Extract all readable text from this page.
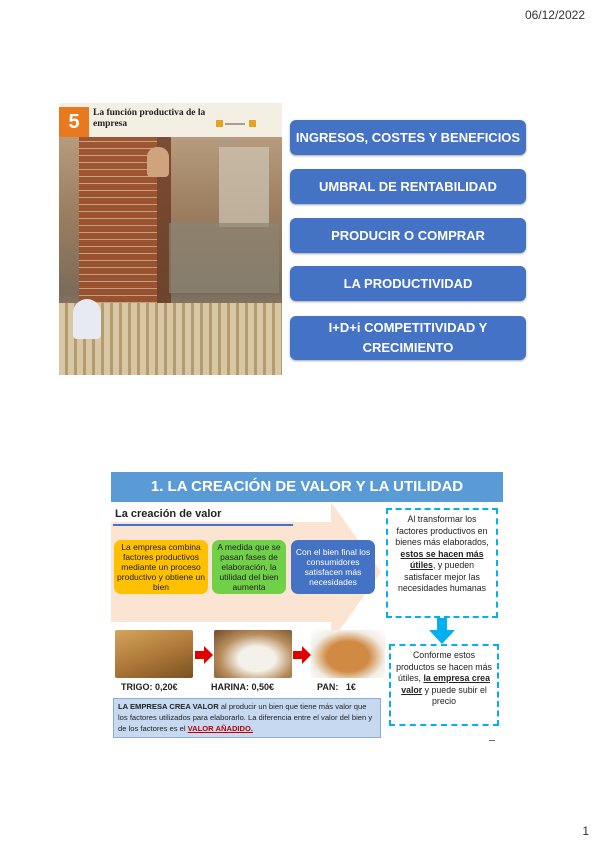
06/12/2022
5	La función productiva de la empresa
INGRESOS, COSTES Y BENEFICIOS
UMBRAL DE RENTABILIDAD
PRODUCIR O COMPRAR
LA PRODUCTIVIDAD
I+D+i COMPETITIVIDAD Y CRECIMIENTO
1. LA CREACIÓN DE VALOR Y LA UTILIDAD
La creación de valor
La empresa combina factores productivos mediante un proceso productivo y obtiene un bien
A medida que se pasan fases de elaboración, la utilidad del bien aumenta
Con el bien final los consumidores satisfacen más necesidades
Al transformar los factores productivos en bienes más elaborados, estos se hacen más útiles, y pueden satisfacer mejor las necesidades humanas
Conforme estos productos se hacen más útiles, la empresa crea valor y puede subir el precio
TRIGO: 0,20€	HARINA: 0,50€	PAN:   1€
LA EMPRESA CREA VALOR al producir un bien que tiene más valor que los factores utilizados para elaborarlo. La diferencia entre el valor del bien y de los factores es el VALOR AÑADIDO.
1
